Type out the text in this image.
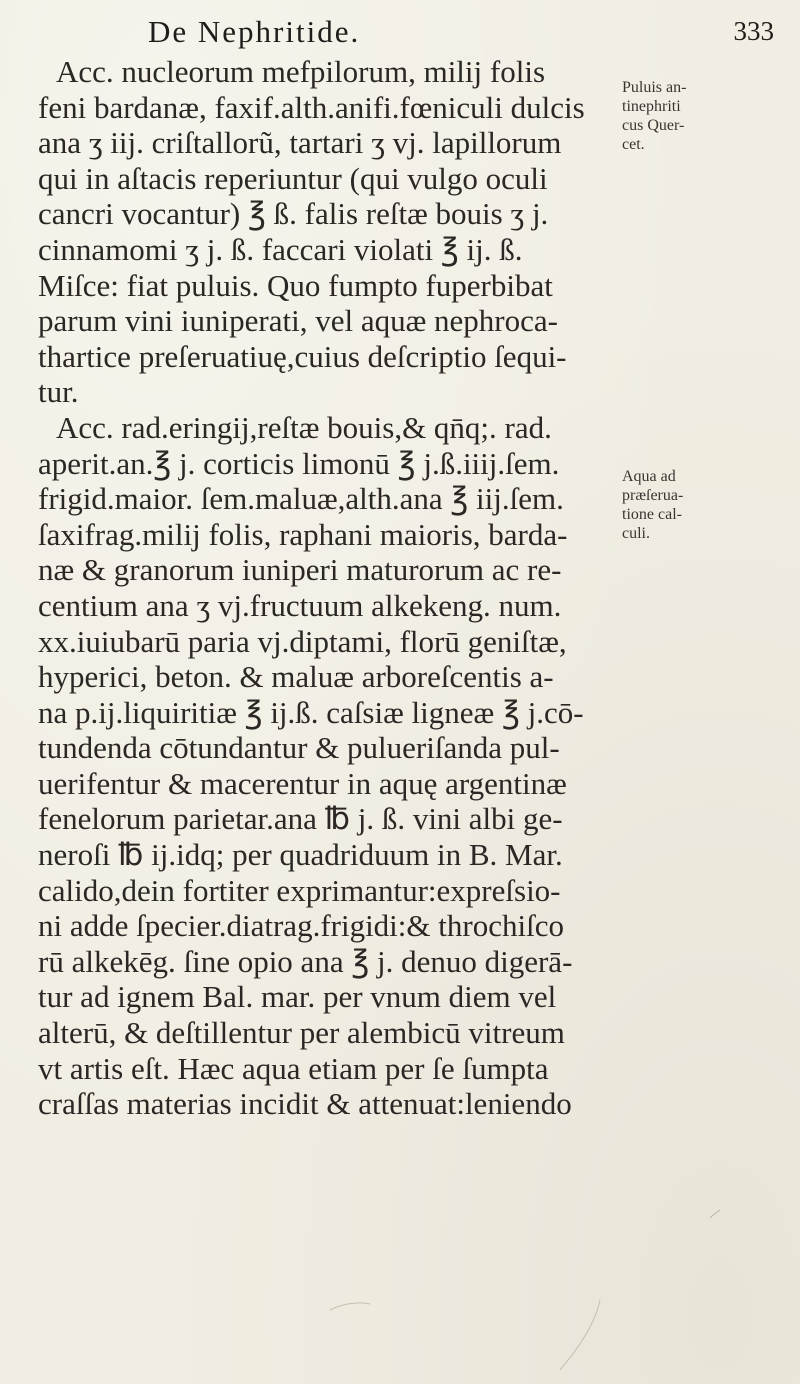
De Nephritide.	333
Acc. nucleorum mefpilorum, milij folis
feni bardanæ, faxif.alth.anifi.fœniculi dulcis
ana ʒ iij. criſtallorũ, tartari ʒ vj. lapillorum
qui in aſtacis reperiuntur (qui vulgo oculi
cancri vocantur) ℥ ß. falis reſtæ bouis ʒ j.
cinnamomi ʒ j. ß. faccari violati ℥ ij. ß.
Miſce: fiat puluis. Quo fumpto fuperbibat
parum vini iuniperati, vel aquæ nephroca-
thartice preſeruatiuę,cuius deſcriptio ſequi-
tur.
Acc. rad.eringij,reſtæ bouis,& qn̄q;. rad.
aperit.an.℥ j. corticis limonū ℥ j.ß.iiij.ſem.
frigid.maior. ſem.maluæ,alth.ana ℥ iij.ſem.
ſaxifrag.milij folis, raphani maioris, barda-
næ & granorum iuniperi maturorum ac re-
centium ana ʒ vj.fructuum alkekeng. num.
xx.iuiubarū paria vj.diptami, florū geniſtæ,
hyperici, beton. & maluæ arboreſcentis a-
na p.ij.liquiritiæ ℥ ij.ß. caſsiæ ligneæ ℥ j.cō-
tundenda cōtundantur & pulueriſanda pul-
uerifentur & macerentur in aquę argentinæ
fenelorum parietar.ana ℔ j. ß. vini albi ge-
neroſi ℔ ij.idq; per quadriduum in B. Mar.
calido,dein fortiter exprimantur:expreſsio-
ni adde ſpecier.diatrag.frigidi:& throchiſco
rū alkekēg. ſine opio ana ℥ j. denuo digerā-
tur ad ignem Bal. mar. per vnum diem vel
alterū, & deſtillentur per alembicū vitreum
vt artis eſt. Hæc aqua etiam per ſe ſumpta
craſſas materias incidit & attenuat:leniendo
Puluis an-
tinephriti
cus Quer-
cet.
Aqua ad
præſerua-
tione cal-
culi.
